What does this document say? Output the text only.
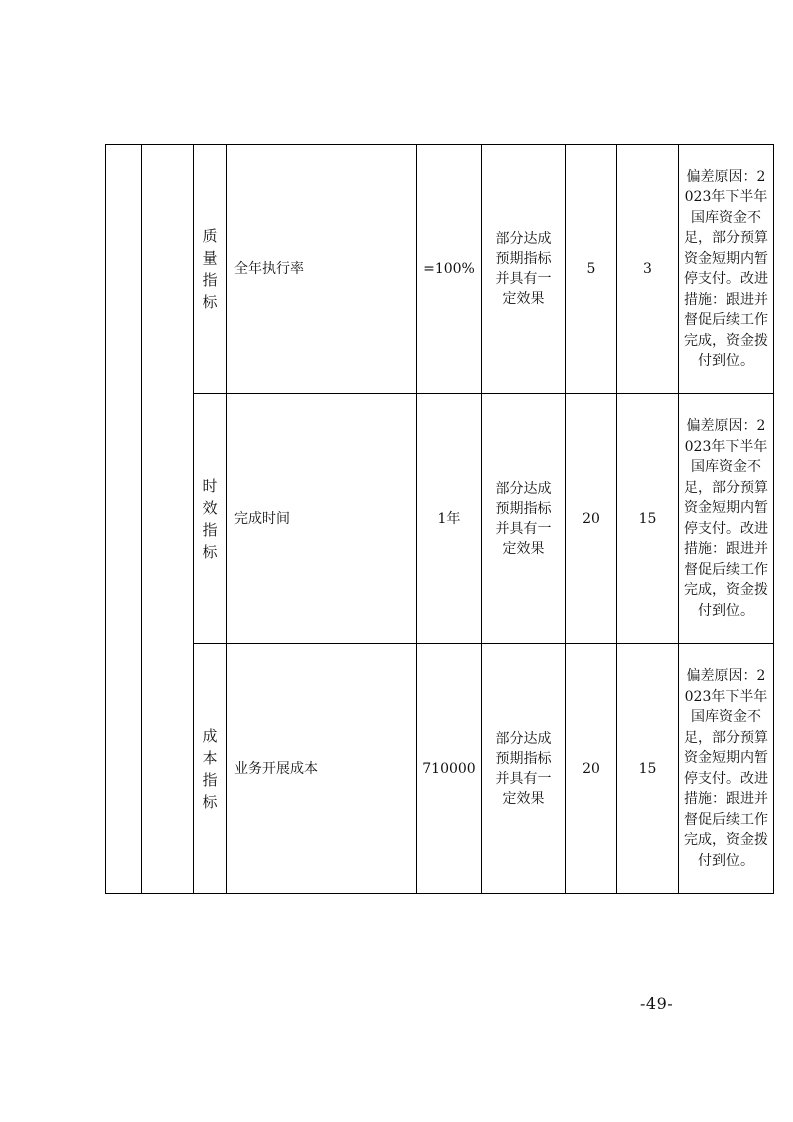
		质量指标	全年执行率	=100%	部分达成预期指标并具有一定效果	5	3	偏差原因：2023年下半年国库资金不足，部分预算资金短期内暂停支付。改进措施：跟进并督促后续工作完成，资金拨付到位。
		时效指标	完成时间	1年	部分达成预期指标并具有一定效果	20	15	偏差原因：2023年下半年国库资金不足，部分预算资金短期内暂停支付。改进措施：跟进并督促后续工作完成，资金拨付到位。
		成本指标	业务开展成本	710000	部分达成预期指标并具有一定效果	20	15	偏差原因：2023年下半年国库资金不足，部分预算资金短期内暂停支付。改进措施：跟进并督促后续工作完成，资金拨付到位。
-49-
